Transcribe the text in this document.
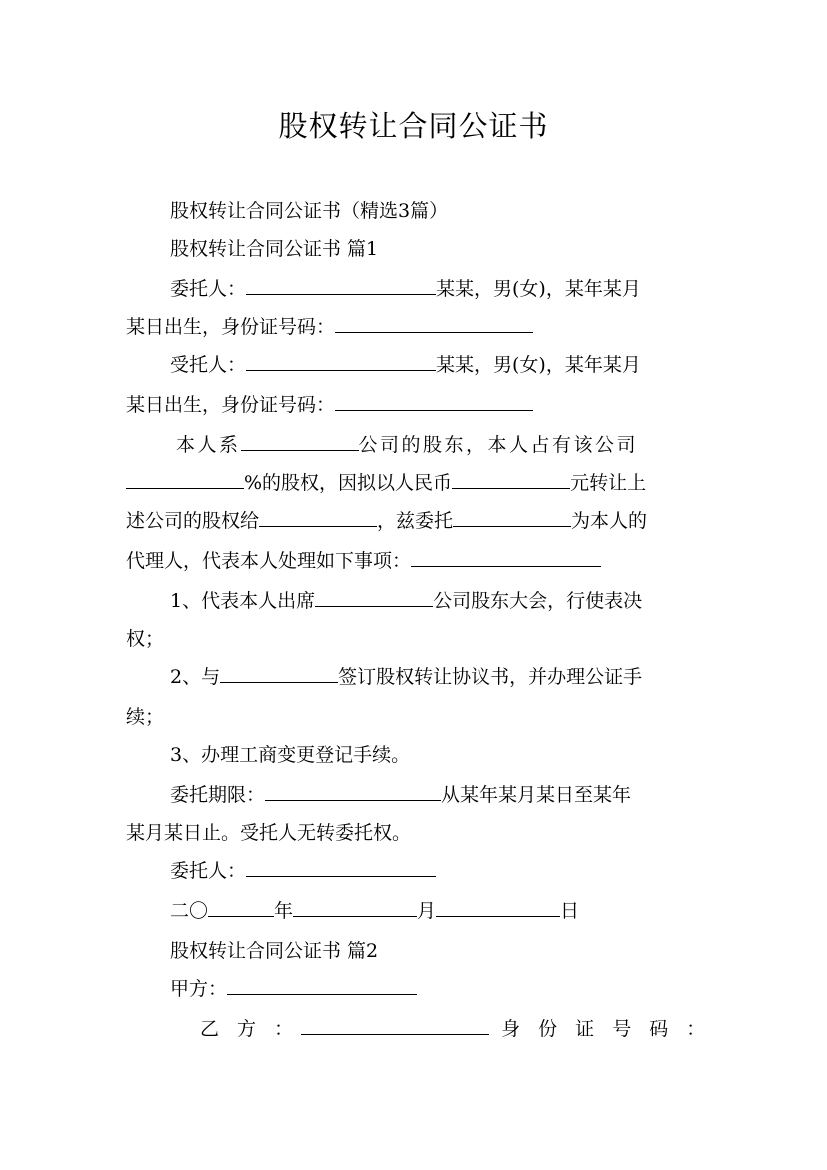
股权转让合同公证书
股权转让合同公证书（精选3篇）
股权转让合同公证书 篇1
委托人：	某某，男(女)，某年某月
某日出生，身份证号码：
受托人：	某某，男(女)，某年某月
某日出生，身份证号码：
本人系	公司的股东，本人占有该公司
%的股权，因拟以人民币	元转让上
述公司的股权给	，兹委托	为本人的
代理人，代表本人处理如下事项：
1、代表本人出席	公司股东大会，行使表决
权；
2、与	签订股权转让协议书，并办理公证手
续；
3、办理工商变更登记手续。
委托期限：	从某年某月某日至某年
某月某日止。受托人无转委托权。
委托人：
二〇	年	月	日
股权转让合同公证书 篇2
甲方：
乙 方 ：	身 份 证 号 码 ：
